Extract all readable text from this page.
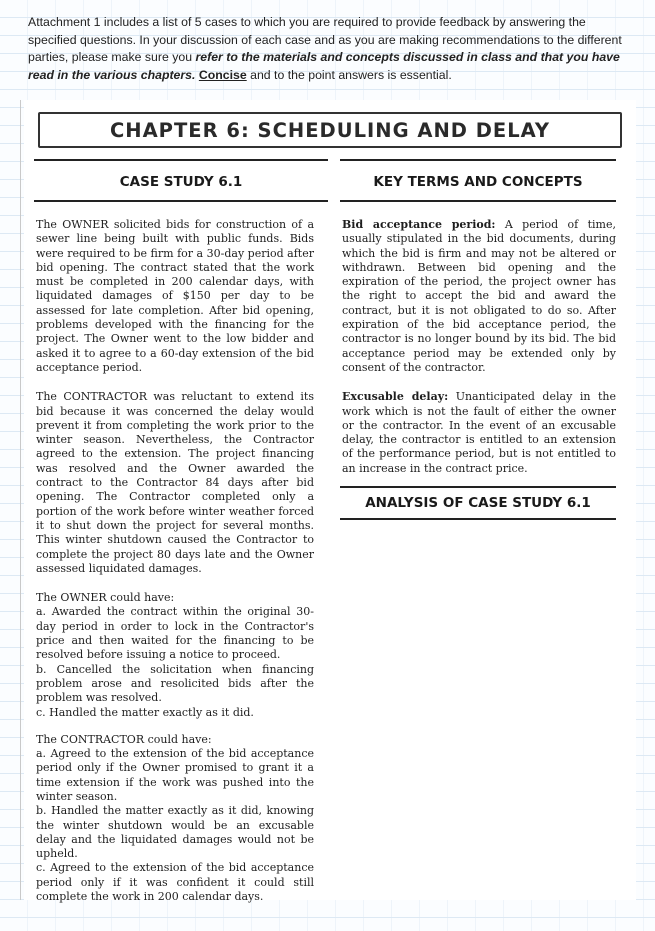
Attachment 1 includes a list of 5 cases to which you are required to provide feedback by answering the specified questions. In your discussion of each case and as you are making recommendations to the different parties, please make sure you refer to the materials and concepts discussed in class and that you have read in the various chapters. Concise and to the point answers is essential.
CHAPTER 6: SCHEDULING AND DELAY
CASE STUDY 6.1	KEY TERMS AND CONCEPTS

The OWNER solicited bids for construction of a sewer line being built with public funds. Bids were required to be firm for a 30-day period after bid opening. The contract stated that the work must be completed in 200 calendar days, with liquidated damages of $150 per day to be assessed for late completion. After bid opening, problems developed with the financing for the project. The Owner went to the low bidder and asked it to agree to a 60-day extension of the bid acceptance period.

The CONTRACTOR was reluctant to extend its bid because it was concerned the delay would prevent it from completing the work prior to the winter season. Nevertheless, the Contractor agreed to the extension. The project financing was resolved and the Owner awarded the contract to the Contractor 84 days after bid opening. The Contractor completed only a portion of the work before winter weather forced it to shut down the project for several months. This winter shutdown caused the Contractor to complete the project 80 days late and the Owner assessed liquidated damages.

The OWNER could have:
a. Awarded the contract within the original 30-day period in order to lock in the Contractor's price and then waited for the financing to be resolved before issuing a notice to proceed.
b. Cancelled the solicitation when financing problem arose and resolicited bids after the problem was resolved.
c. Handled the matter exactly as it did.
The CONTRACTOR could have:
a. Agreed to the extension of the bid acceptance period only if the Owner promised to grant it a time extension if the work was pushed into the winter season.
b. Handled the matter exactly as it did, knowing the winter shutdown would be an excusable delay and the liquidated damages would not be upheld.
c. Agreed to the extension of the bid acceptance period only if it was confident it could still complete the work in 200 calendar days.

Bid acceptance period: A period of time, usually stipulated in the bid documents, during which the bid is firm and may not be altered or withdrawn. Between bid opening and the expiration of the period, the project owner has the right to accept the bid and award the contract, but it is not obligated to do so. After expiration of the bid acceptance period, the contractor is no longer bound by its bid. The bid acceptance period may be extended only by consent of the contractor.

Excusable delay: Unanticipated delay in the work which is not the fault of either the owner or the contractor. In the event of an excusable delay, the contractor is entitled to an extension of the performance period, but is not entitled to an increase in the contract price.

ANALYSIS OF CASE STUDY 6.1
